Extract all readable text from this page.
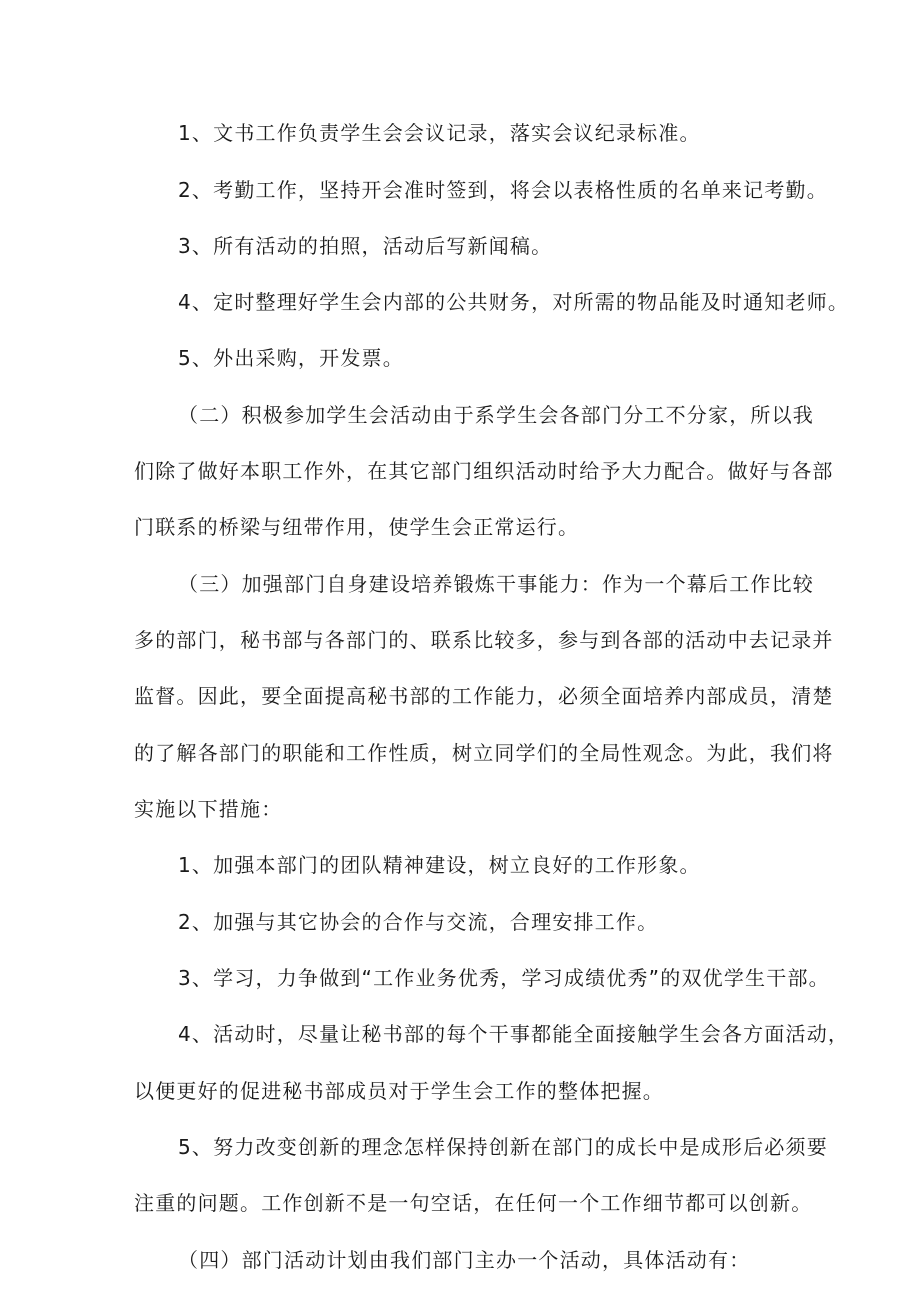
1、文书工作负责学生会会议记录，落实会议纪录标准。
2、考勤工作，坚持开会准时签到，将会以表格性质的名单来记考勤。
3、所有活动的拍照，活动后写新闻稿。
4、定时整理好学生会内部的公共财务，对所需的物品能及时通知老师。
5、外出采购，开发票。
（二）积极参加学生会活动由于系学生会各部门分工不分家，所以我
们除了做好本职工作外，在其它部门组织活动时给予大力配合。做好与各部
门联系的桥梁与纽带作用，使学生会正常运行。
（三）加强部门自身建设培养锻炼干事能力：作为一个幕后工作比较
多的部门，秘书部与各部门的、联系比较多，参与到各部的活动中去记录并
监督。因此，要全面提高秘书部的工作能力，必须全面培养内部成员，清楚
的了解各部门的职能和工作性质，树立同学们的全局性观念。为此，我们将
实施以下措施：
1、加强本部门的团队精神建设，树立良好的工作形象。
2、加强与其它协会的合作与交流，合理安排工作。
3、学习，力争做到“工作业务优秀，学习成绩优秀”的双优学生干部。
4、活动时，尽量让秘书部的每个干事都能全面接触学生会各方面活动，
以便更好的促进秘书部成员对于学生会工作的整体把握。
5、努力改变创新的理念怎样保持创新在部门的成长中是成形后必须要
注重的问题。工作创新不是一句空话，在任何一个工作细节都可以创新。
（四）部门活动计划由我们部门主办一个活动，具体活动有：
